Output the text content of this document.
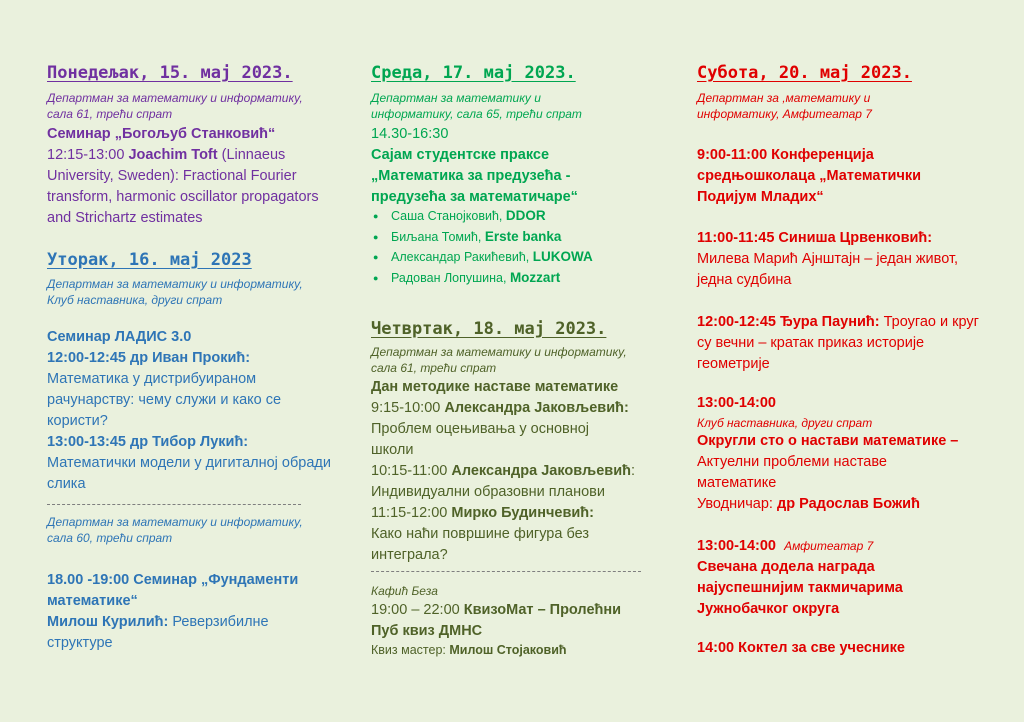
Понедељак, 15. мај 2023.
Департман за математику и информатику, сала 61, трећи спрат
Семинар „Богољуб Станковић“
12:15-13:00 Joachim Toft (Linnaeus University, Sweden): Fractional Fourier transform, harmonic oscillator propagators and Strichartz estimates
Уторак, 16. мај 2023
Департман за математику и информатику, Клуб наставника, други спрат
Семинар ЛАДИС 3.0
12:00-12:45 др Иван Прокић:
Математика у дистрибуираном рачунарству: чему служи и како се користи?
13:00-13:45 др Тибор Лукић:
Математички модели у дигиталној обради слика
Департман за математику и информатику, сала 60, трећи спрат
18.00 -19:00 Семинар „Фундаменти математике“
Милош Курилић: Реверзибилне структуре
Среда, 17. мај 2023.
Департман за математику и информатику, сала 65, трећи спрат
14.30-16:30
Сајам студентске праксе „Математика за предузећа - предузећа за математичаре“
● Саша Станојковић, DDOR
● Биљана Томић, Erste banka
● Александар Ракићевић, LUKOWA
● Радован Лопушина, Mozzart
Четвртак, 18. мај 2023.
Департман за математику и информатику, сала 61, трећи спрат
Дан методике наставе математике
9:15-10:00 Александра Јаковљевић:
Проблем оцењивања у основној школи
10:15-11:00 Александра Јаковљевић: Индивидуални образовни планови
11:15-12:00 Мирко Будинчевић:
Како наћи површине фигура без интеграла?
Кафић Беза
19:00 – 22:00 КвизоМат – Пролећни Пуб квиз ДМНС
Квиз мастер: Милош Стојаковић
Субота, 20. мај 2023.
Департман за ,математику и информатику, Амфитеатар 7
9:00-11:00 Конференција средњошколаца „Математички Подијум Младих“
11:00-11:45 Синиша Црвенковић:
Милева Марић Ајнштајн – један живот, једна судбина
12:00-12:45 Ђура Паунић: Троугао и круг су вечни – кратак приказ историје геометрије
13:00-14:00
Клуб наставника, други спрат
Округли сто о настави математике –
Актуелни проблеми наставе математике
Уводничар: др Радослав Божић
13:00-14:00 Амфитеатар 7
Свечана додела награда најуспешнијим такмичарима Јужнобачког округа
14:00 Коктел за све учеснике
